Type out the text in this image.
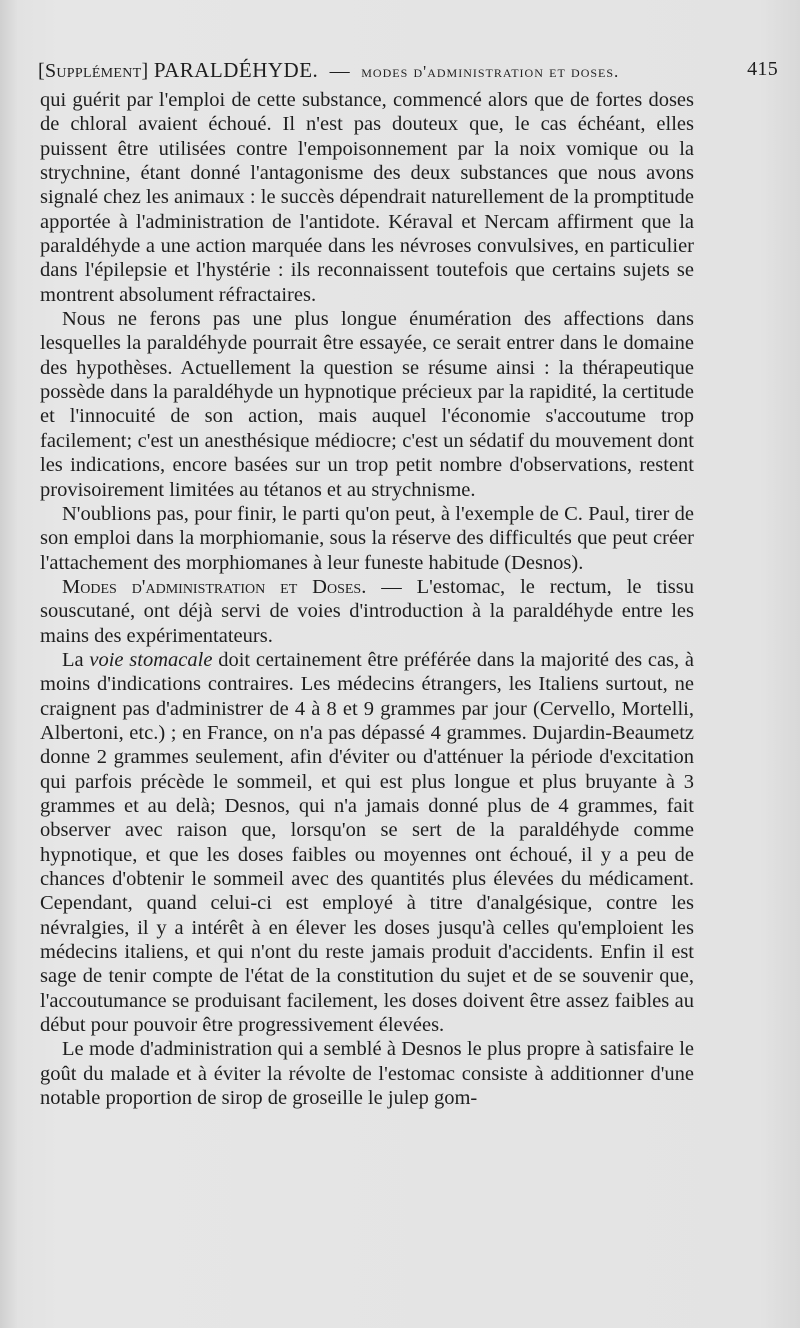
[Supplément] PARALDÉHYDE. — modes d'administration et doses.	415

qui guérit par l'emploi de cette substance, commencé alors que de fortes doses de chloral avaient échoué. Il n'est pas douteux que, le cas échéant, elles puissent être utilisées contre l'empoisonnement par la noix vomique ou la strychnine, étant donné l'antagonisme des deux substances que nous avons signalé chez les animaux : le succès dépendrait naturellement de la promptitude apportée à l'administration de l'antidote. Kéraval et Nercam affirment que la paraldéhyde a une action marquée dans les névroses convulsives, en particulier dans l'épilepsie et l'hystérie : ils reconnaissent toutefois que certains sujets se montrent absolument réfractaires.

Nous ne ferons pas une plus longue énumération des affections dans lesquelles la paraldéhyde pourrait être essayée, ce serait entrer dans le domaine des hypothèses. Actuellement la question se résume ainsi : la thérapeutique possède dans la paraldéhyde un hypnotique précieux par la rapidité, la certitude et l'innocuité de son action, mais auquel l'économie s'accoutume trop facilement; c'est un anesthésique médiocre; c'est un sédatif du mouvement dont les indications, encore basées sur un trop petit nombre d'observations, restent provisoirement limitées au tétanos et au strychnisme.

N'oublions pas, pour finir, le parti qu'on peut, à l'exemple de C. Paul, tirer de son emploi dans la morphiomanie, sous la réserve des difficultés que peut créer l'attachement des morphiomanes à leur funeste habitude (Desnos).

Modes d'administration et Doses. — L'estomac, le rectum, le tissu souscutané, ont déjà servi de voies d'introduction à la paraldéhyde entre les mains des expérimentateurs.

La voie stomacale doit certainement être préférée dans la majorité des cas, à moins d'indications contraires. Les médecins étrangers, les Italiens surtout, ne craignent pas d'administrer de 4 à 8 et 9 grammes par jour (Cervello, Mortelli, Albertoni, etc.) ; en France, on n'a pas dépassé 4 grammes. Dujardin-Beaumetz donne 2 grammes seulement, afin d'éviter ou d'atténuer la période d'excitation qui parfois précède le sommeil, et qui est plus longue et plus bruyante à 3 grammes et au delà; Desnos, qui n'a jamais donné plus de 4 grammes, fait observer avec raison que, lorsqu'on se sert de la paraldéhyde comme hypnotique, et que les doses faibles ou moyennes ont échoué, il y a peu de chances d'obtenir le sommeil avec des quantités plus élevées du médicament. Cependant, quand celui-ci est employé à titre d'analgésique, contre les névralgies, il y a intérêt à en élever les doses jusqu'à celles qu'emploient les médecins italiens, et qui n'ont du reste jamais produit d'accidents. Enfin il est sage de tenir compte de l'état de la constitution du sujet et de se souvenir que, l'accoutumance se produisant facilement, les doses doivent être assez faibles au début pour pouvoir être progressivement élevées.

Le mode d'administration qui a semblé à Desnos le plus propre à satisfaire le goût du malade et à éviter la révolte de l'estomac consiste à additionner d'une notable proportion de sirop de groseille le julep gom-
